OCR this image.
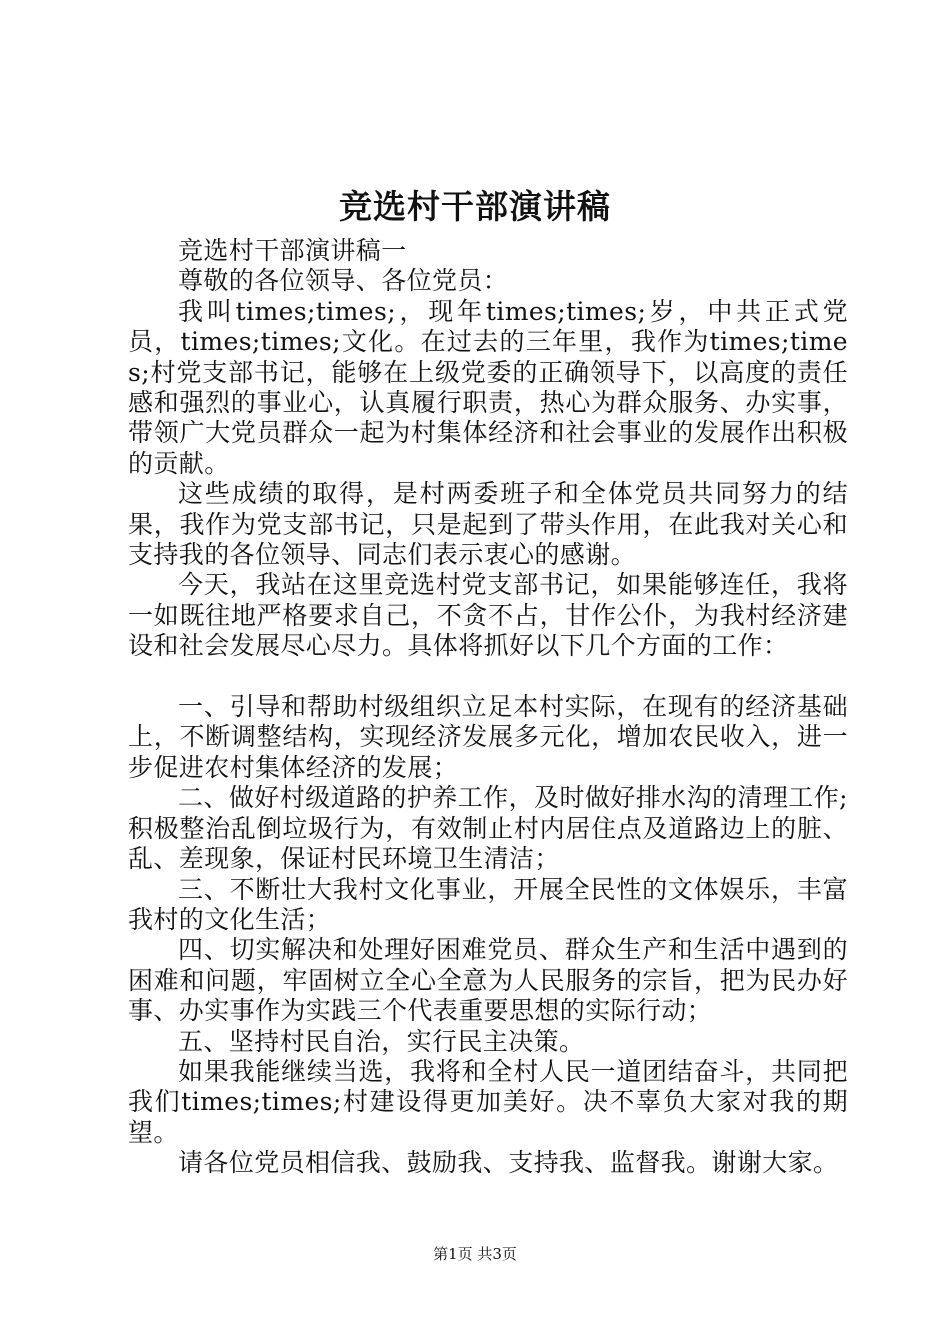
竞选村干部演讲稿

竞选村干部演讲稿一

尊敬的各位领导、各位党员：

我叫times;times;，现年times;times;岁，中共正式党员，times;times;文化。在过去的三年里，我作为times;times;村党支部书记，能够在上级党委的正确领导下，以高度的责任感和强烈的事业心，认真履行职责，热心为群众服务、办实事，带领广大党员群众一起为村集体经济和社会事业的发展作出积极的贡献。

这些成绩的取得，是村两委班子和全体党员共同努力的结果，我作为党支部书记，只是起到了带头作用，在此我对关心和支持我的各位领导、同志们表示衷心的感谢。

今天，我站在这里竞选村党支部书记，如果能够连任，我将一如既往地严格要求自己，不贪不占，甘作公仆，为我村经济建设和社会发展尽心尽力。具体将抓好以下几个方面的工作：

一、引导和帮助村级组织立足本村实际，在现有的经济基础上，不断调整结构，实现经济发展多元化，增加农民收入，进一步促进农村集体经济的发展；

二、做好村级道路的护养工作，及时做好排水沟的清理工作;积极整治乱倒垃圾行为，有效制止村内居住点及道路边上的脏、乱、差现象，保证村民环境卫生清洁；

三、不断壮大我村文化事业，开展全民性的文体娱乐，丰富我村的文化生活；

四、切实解决和处理好困难党员、群众生产和生活中遇到的困难和问题，牢固树立全心全意为人民服务的宗旨，把为民办好事、办实事作为实践三个代表重要思想的实际行动；

五、坚持村民自治，实行民主决策。

如果我能继续当选，我将和全村人民一道团结奋斗，共同把我们times;times;村建设得更加美好。决不辜负大家对我的期望。

请各位党员相信我、鼓励我、支持我、监督我。谢谢大家。

第1页 共3页
